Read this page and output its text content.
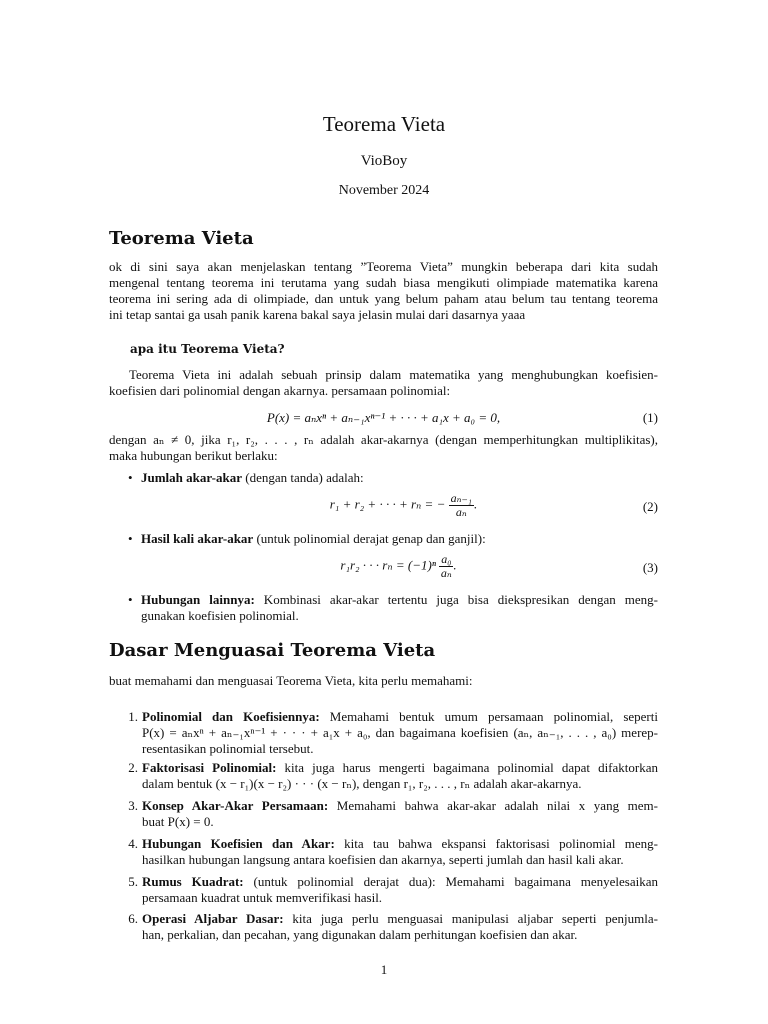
Teorema Vieta
VioBoy
November 2024
Teorema Vieta
ok di sini saya akan menjelaskan tentang ”Teorema Vieta” mungkin beberapa dari kita sudah
mengenal tentang teorema ini terutama yang sudah biasa mengikuti olimpiade matematika karena
teorema ini sering ada di olimpiade, dan untuk yang belum paham atau belum tau tentang teorema
ini tetap santai ga usah panik karena bakal saya jelasin mulai dari dasarnya yaaa
apa itu Teorema Vieta?
Teorema Vieta ini adalah sebuah prinsip dalam matematika yang menghubungkan koefisien-
koefisien dari polinomial dengan akarnya. persamaan polinomial:
P(x) = aₙxⁿ + aₙ₋₁xⁿ⁻¹ + · · · + a₁x + a₀ = 0,	(1)
dengan aₙ ≠ 0, jika r₁, r₂, . . . , rₙ adalah akar-akarnya (dengan memperhitungkan multiplikitas),
maka hubungan berikut berlaku:
• Jumlah akar-akar (dengan tanda) adalah:
r₁ + r₂ + · · · + rₙ = − $\frac{\text{aₙ₋₁}}{\text{aₙ}}$ .	(2)
• Hasil kali akar-akar (untuk polinomial derajat genap dan ganjil):
r₁r₂ · · · $r_n = (-1)^n \frac{\text{a₀}}{\text{aₙ}}$ .	(3)
• Hubungan lainnya: Kombinasi akar-akar tertentu juga bisa diekspresikan dengan meng-
gunakan koefisien polinomial.
Dasar Menguasai Teorema Vieta
buat memahami dan menguasai Teorema Vieta, kita perlu memahami:
1. Polinomial dan Koefisiennya: Memahami bentuk umum persamaan polinomial, seperti
P(x) = aₙxⁿ + aₙ₋₁xⁿ⁻¹ + · · · + a₁x + a₀, dan bagaimana koefisien (aₙ, aₙ₋₁, . . . , a₀) merep-
resentasikan polinomial tersebut.
2. Faktorisasi Polinomial: kita juga harus mengerti bagaimana polinomial dapat difaktorkan
dalam bentuk (x − r₁)(x − r₂) · · · (x − rₙ), dengan r₁, r₂, . . . , rₙ adalah akar-akarnya.
3. Konsep Akar-Akar Persamaan: Memahami bahwa akar-akar adalah nilai x yang mem-
buat P(x) = 0.
4. Hubungan Koefisien dan Akar: kita tau bahwa ekspansi faktorisasi polinomial meng-
hasilkan hubungan langsung antara koefisien dan akarnya, seperti jumlah dan hasil kali akar.
5. Rumus Kuadrat: (untuk polinomial derajat dua): Memahami bagaimana menyelesaikan
persamaan kuadrat untuk memverifikasi hasil.
6. Operasi Aljabar Dasar: kita juga perlu menguasai manipulasi aljabar seperti penjumla-
han, perkalian, dan pecahan, yang digunakan dalam perhitungan koefisien dan akar.
1
